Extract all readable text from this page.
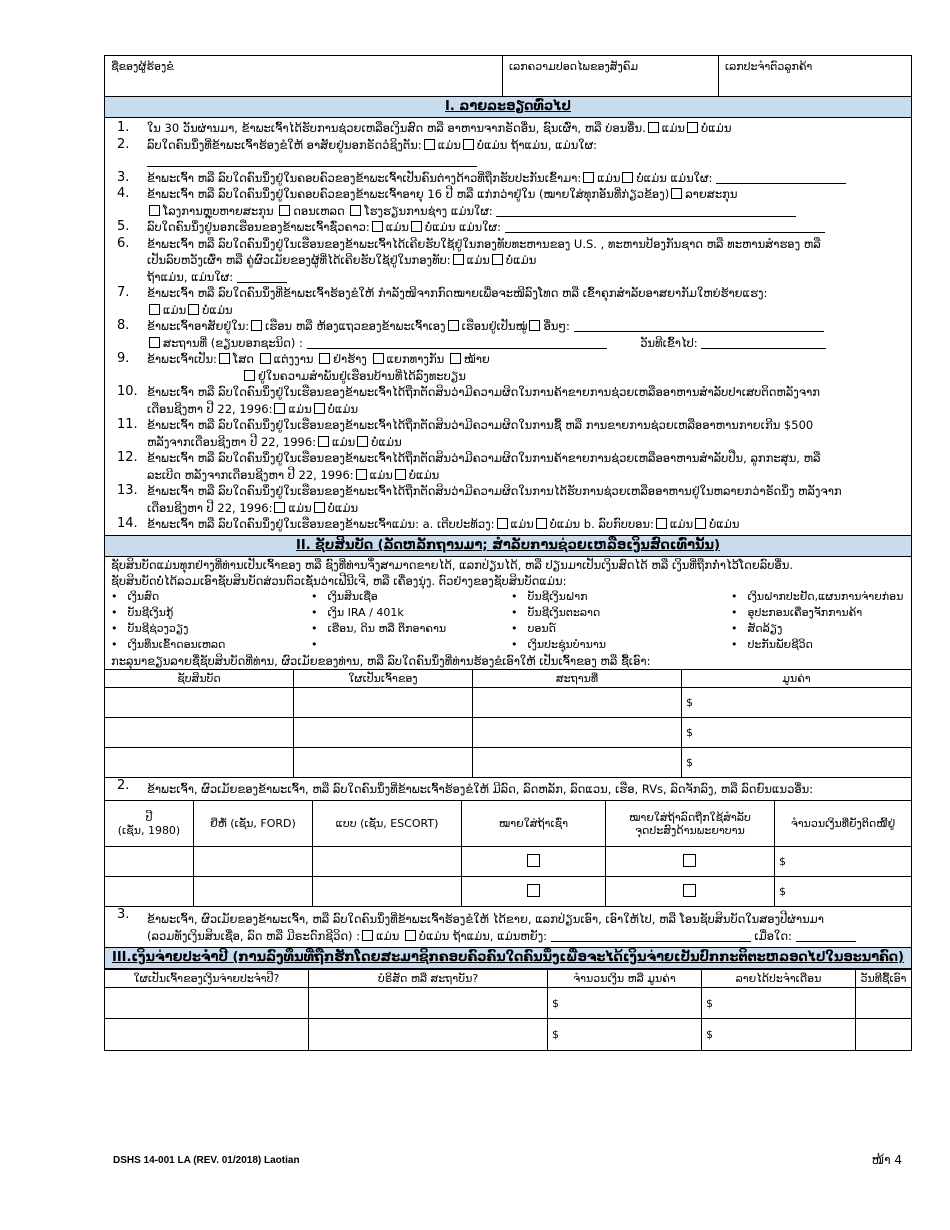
ຊື່ຂອງຜູ້ຮ້ອງຂໍ	ເລກຄວາມປອດໄພຂອງສັງຄົມ	ເລກປະຈຳຕົວລູກຄ້າ
I. ລາຍລະອຽດທົ່ວໄປ
1. ໃນ 30 ວັນຜ່ານມາ, ຂ້າພະເຈົ້າໄດ້ຮັບການຊ່ວຍເຫລືອເງິນສົດ ຫລື ອາຫານຈາກຣັດອື່ນ, ຊົນເຜົ່າ, ຫລື ບ່ອນອື່ນ. ແມ່ນ ບໍ່ແມ່ນ
2. ລົບໃດຄົນນຶ່ງທີ່ຂ້າພະເຈົ້າຮ້ອງຂໍໃຫ້ ອາສັຍຢູ່ນອກຣັດວໍຊິງຕັນ: ແມ່ນ ບໍ່ແມ່ນ ຖ້າແມ່ນ, ແມ່ນໃຜ:
3. ຂ້າພະເຈົ້າ ຫລື ລົບໃດຄົນນຶ່ງຢູ່ໃນຄອບຄົວຂອງຂ້າພະເຈົ້າເປັນຄົນຕ່າງດ້າວທີ່ຖືກຮັບປະກັນເຂົ້າມາ: ແມ່ນ ບໍ່ແມ່ນ ແມ່ນໃຜ:
4. ຂ້າພະເຈົ້າ ຫລື ລົບໃດຄົນນຶ່ງຢູ່ໃນຄອບຄົວຂອງຂ້າພະເຈົ້າອາຍຸ 16 ປີ ຫລື ແກ່ກວ່າຢູ່ໃນ (ໝາຍໃສ່ທຸກອັນທີ່ກ່ຽວຂ້ອງ) ລາຍສະກຸນ
ໂລງການຫຼຸບຫາຍສະກຸນ ດອນເຫລດ ໂຮງຮຽນການຊ່າງ ແມ່ນໃຜ:
5. ລົບໃດຄົນນຶ່ງຢູ່ນອກເຮືອນຂອງຂ້າພະເຈົ້າຊົ່ວຄາວ: ແມ່ນ ບໍ່ແມ່ນ ແມ່ນໃຜ:
6. ຂ້າພະເຈົ້າ ຫລື ລົບໃດຄົນນຶ່ງຢູ່ໃນເຮືອນຂອງຂ້າພະເຈົ້າໄດ້ເຄີຍຮັບໃຊ້ຢູ່ໃນກອງທັບທະຫານຂອງ U.S. , ທະຫານປ້ອງກັນຊາດ ຫລື ທະຫານສຳຮອງ ຫລື
ເປັນລົບຫວັງເຜົ່າ ຫລື ຄູ່ຜົວເມັຍຂອງຜູ້ທີ່ໄດ້ເຄີຍຮັບໃຊ້ຢູ່ໃນກອງທັບ: ແມ່ນ ບໍ່ແມ່ນ
ຖ້າແມ່ນ, ແມ່ນໃຜ:
7. ຂ້າພະເຈົ້າ ຫລື ລົບໃດຄົນນຶ່ງທີ່ຂ້າພະເຈົ້າຮ້ອງຂໍໃຫ້ ກຳລັງໜີຈາກກົດໝາຍເພື່ອຈະໜີລົງໂທດ ຫລື ເຂົ້າຄຸກສຳລັບອາສຍາກັມໃຫຍ່ຮ້າຍແຮງ:
ແມ່ນ ບໍ່ແມ່ນ
8. ຂ້າພະເຈົ້າອາສັຍຢູ່ໃນ: ເຮືອນ ຫລື ຫ້ອງແຖວຂອງຂ້າພະເຈົ້າເອງ ເຮືອນຢູ່ເປັນໝູ່ ອື່ນໆ:
ສະຖານທີ່ (ຂຽນບອກຊະນິດ) :	ວັນທີເຂົ້າໄປ:
9. ຂ້າພະເຈົ້າເປັນ: ໂສດ ແຕ່ງງານ ຢ່າຮ້າງ ແຍກທາງກັນ ໝ້າຍ
ຢູ່ໃນຄວາມສໍາພັນຢູ່ເຮືອນບ້ານທີ່ໄດ້ລົງທະບຽນ
10. ຂ້າພະເຈົ້າ ຫລື ລົບໃດຄົນນຶ່ງຢູ່ໃນເຮືອນຂອງຂ້າພະເຈົ້າໄດ້ຖືກຕັດສິນວ່າມີຄວາມຜິດໃນການຄ້າຂາຍການຊ່ວຍເຫລືອອາຫານສຳລັບປາເສບຕິດຫລັງຈາກ
ເດືອນຊີງຫາ ປີ 22, 1996: ແມ່ນ ບໍ່ແມ່ນ
11. ຂ້າພະເຈົ້າ ຫລື ລົບໃດຄົນນຶ່ງຢູ່ໃນເຮືອນຂອງຂ້າພະເຈົ້າໄດ້ຖືກຕັດສິນວ່າມີຄວາມຜິດໃນການຊື້ ຫລື ການຂາຍການຊ່ວຍເຫລືອອາຫານກາຍເກີນ $500
ຫລັງຈາກເດືອນຊີງຫາ ປີ 22, 1996: ແມ່ນ ບໍ່ແມ່ນ
12. ຂ້າພະເຈົ້າ ຫລື ລົບໃດຄົນນຶ່ງຢູ່ໃນເຮືອນຂອງຂ້າພະເຈົ້າໄດ້ຖືກຕັດສິນວ່າມີຄວາມຜິດໃນການຄ້າຂາຍການຊ່ວຍເຫລືອອາຫານສຳລັບປືນ, ລູກກະສຸນ, ຫລື
ລະເບີດ ຫລັງຈາກເດືອນຊີງຫາ ປີ 22, 1996: ແມ່ນ ບໍ່ແມ່ນ
13. ຂ້າພະເຈົ້າ ຫລື ລົບໃດຄົນນຶ່ງຢູ່ໃນເຮືອນຂອງຂ້າພະເຈົ້າໄດ້ຖືກຕັດສິນວ່າມີຄວາມຜິດໃນການໄດ້ຮັບການຊ່ວຍເຫລືອອາຫານຢູ່ໃນຫລາຍກວ່າຣັດນຶ່ງ ຫລັງຈາກ
ເດືອນຊີງຫາ ປີ 22, 1996: ແມ່ນ ບໍ່ແມ່ນ
14. ຂ້າພະເຈົ້າ ຫລື ລົບໃດຄົນນຶ່ງຢູ່ໃນເຮືອນຂອງຂ້າພະເຈົ້າແມ່ນ: a. ເຕີບປະທ້ວງ: ແມ່ນ ບໍ່ແມ່ນ b. ລົບກົບບອນ: ແມ່ນ ບໍ່ແມ່ນ
II. ຊັບສິນບັດ (ລັດຫລັກຖານມາ; ສຳລັບການຊ່ວຍເຫລືອເງິນສົດເທົ່ານັ້ນ)
ຊັບສິນບັດແມ່ນທຸກຢ່າງທີ່ທ່ານເປັນເຈົ້າຂອງ ຫລື ຊົງທີ່ທ່ານຈຶ່ງສາມາດຂາຍໄດ້, ແລກປ່ຽນໄດ້, ຫລື ປຽນມາເປັນເງິນສົດໄດ້ ຫລື ເງິນທີ່ຖືກກ່ຳໄວ້ໂດຍລົບອື່ນ.
ຊັບສິນບັດບໍ່ໄດ້ລວມເອົາຊັບສິນບັດສ່ວນຕົວເຊັ່ນວ່າເຟີນີເຈີ, ຫລື ເຄື່ອງນຸ່ງ. ຕົວຢ່າງຂອງຊັບສິນບັດແມ່ນ:
• ເງິນສົດ	• ເງິນສິນເຊື່ອ	• ບັນຊີເງິນຝາກ	• ເງິນຝາກປະຢັດ,ແຜນການຈ່າຍກ່ອນ
• ບັນຊີເງິນກູ້	• ເງິນ IRA / 401k	• ບັນຊີເງິນຕະລາດ	• ອຸປະກອນເຄື່ອງຈັກການຄ້າ
• ບັນຊີຊ່ວງວຽງ	• ເຮືອນ, ດິນ ຫລື ຕຶກອາຄານ	• ບອນດ໌	• ສັດລ້ຽງ
• ເງິນທຶນເຂົ້າດອນເຫລດ •	• ເງິນປະຊຸ່ນບໍານານ	• ປະກັນພັຍຊີວິດ
ກະລຸນາຂຽນລາຍຊື່ຊັບສິນບັດທີ່ທ່ານ, ຜົວເມັຍຂອງທ່ານ, ຫລື ລົບໃດຄົນນຶ່ງທີ່ທ່ານຮ້ອງຂໍເອົາໃຫ້ ເປັນເຈົ້າຂອງ ຫລື ຊື້ເອົາ:
ຊັບສິນບັດ	ໃຜເປັນເຈົ້າຂອງ	ສະຖານທີ່	ມູນຄ່າ
			$
			$
			$
2. ຂ້າພະເຈົ້າ, ຜົວເມັຍຂອງຂ້າພະເຈົ້າ, ຫລື ລົບໃດຄົນນຶ່ງທີ່ຂ້າພະເຈົ້າຮ້ອງຂໍໃຫ້ ມີລົດ, ລົດຫລັກ, ລົດແວນ, ເຮືອ, RVs, ລົດຈັກລົງ, ຫລື ລົດຍົນແນວອື່ນ:
ປີ
(ເຊັ່ນ, 1980)	ຍີ່ຫໍ້ (ເຊັ່ນ, FORD)	ແບບ (ເຊັ່ນ, ESCORT)	ໝາຍໃສ່ຖ້າເຊົ່າ	ໝາຍໃສ່ຖ້າລົດຖືກໃຊ້ສຳລັບຈຸດປະສົງດ້ານພະຍາບານ	ຈຳນວນເງິນທີ່ຍັງຕິດໜີ້ຢູ່
					$
					$
3. ຂ້າພະເຈົ້າ, ຜົວເມັຍຂອງຂ້າພະເຈົ້າ, ຫລື ລົບໃດຄົນນຶ່ງທີ່ຂ້າພະເຈົ້າຮ້ອງຂໍໃຫ້ ໄດ້ຂາຍ, ແລກປ່ຽນເອົາ, ເອົາໃຫ້ໄປ, ຫລື ໂອນຊັບສິນບັດໃນສອງປີຜ່ານມາ
(ລວມທັງເງິນສິນເຊື່ອ, ລົດ ຫລື ມີຣະດົກຊີວິດ) : ແມ່ນ ບໍ່ແມ່ນ ຖ້າແມ່ນ, ແມ່ນຫຍັງ:	ເມື່ອໃດ:
III.ເງິນຈ່າຍປະຈຳປີ (ການລົງທຶນທີ່ຖືກຮັກໂດຍສະມາຊິກຄອບຄົວຄົນໃດຄົນນຶ່ງເພື່ອຈະໄດ້ເງິນຈ່າຍເປັນປົກກະຕິຕະຫລອດໄປໃນອະນາຄົດ)
ໃຜເປັນເຈົ້າຂອງເງິນຈ່າຍປະຈຳປີ?	ບໍຣິສັດ ຫລື ສະຖາບັນ?	ຈຳນວນເງິນ ຫລື ມູນຄ່າ	ລາຍໄດ້ປະຈຳເດືອນ	ວັນທີຊື້ເອົາ
		$	$	
		$	$	
DSHS 14-001 LA (REV. 01/2018) Laotian	ໜ້າ 4
